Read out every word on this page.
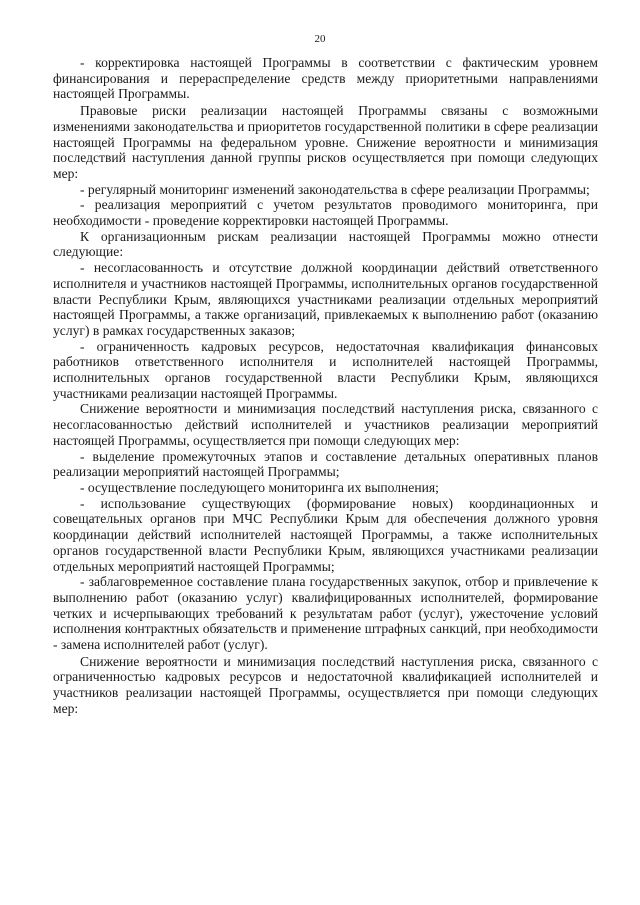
20

- корректировка настоящей Программы в соответствии с фактическим уровнем финансирования и перераспределение средств между приоритетными направлениями настоящей Программы.

Правовые риски реализации настоящей Программы связаны с возможными изменениями законодательства и приоритетов государственной политики в сфере реализации настоящей Программы на федеральном уровне. Снижение вероятности и минимизация последствий наступления данной группы рисков осуществляется при помощи следующих мер:

- регулярный мониторинг изменений законодательства в сфере реализации Программы;

- реализация мероприятий с учетом результатов проводимого мониторинга, при необходимости - проведение корректировки настоящей Программы.

К организационным рискам реализации настоящей Программы можно отнести следующие:

- несогласованность и отсутствие должной координации действий ответственного исполнителя и участников настоящей Программы, исполнительных органов государственной власти Республики Крым, являющихся участниками реализации отдельных мероприятий настоящей Программы, а также организаций, привлекаемых к выполнению работ (оказанию услуг) в рамках государственных заказов;

- ограниченность кадровых ресурсов, недостаточная квалификация финансовых работников ответственного исполнителя и исполнителей настоящей Программы, исполнительных органов государственной власти Республики Крым, являющихся участниками реализации настоящей Программы.

Снижение вероятности и минимизация последствий наступления риска, связанного с несогласованностью действий исполнителей и участников реализации мероприятий настоящей Программы, осуществляется при помощи следующих мер:

- выделение промежуточных этапов и составление детальных оперативных планов реализации мероприятий настоящей Программы;

- осуществление последующего мониторинга их выполнения;

- использование существующих (формирование новых) координационных и совещательных органов при МЧС Республики Крым для обеспечения должного уровня координации действий исполнителей настоящей Программы, а также исполнительных органов государственной власти Республики Крым, являющихся участниками реализации отдельных мероприятий настоящей Программы;

- заблаговременное составление плана государственных закупок, отбор и привлечение к выполнению работ (оказанию услуг) квалифицированных исполнителей, формирование четких и исчерпывающих требований к результатам работ (услуг), ужесточение условий исполнения контрактных обязательств и применение штрафных санкций, при необходимости - замена исполнителей работ (услуг).

Снижение вероятности и минимизация последствий наступления риска, связанного с ограниченностью кадровых ресурсов и недостаточной квалификацией исполнителей и участников реализации настоящей Программы, осуществляется при помощи следующих мер:
